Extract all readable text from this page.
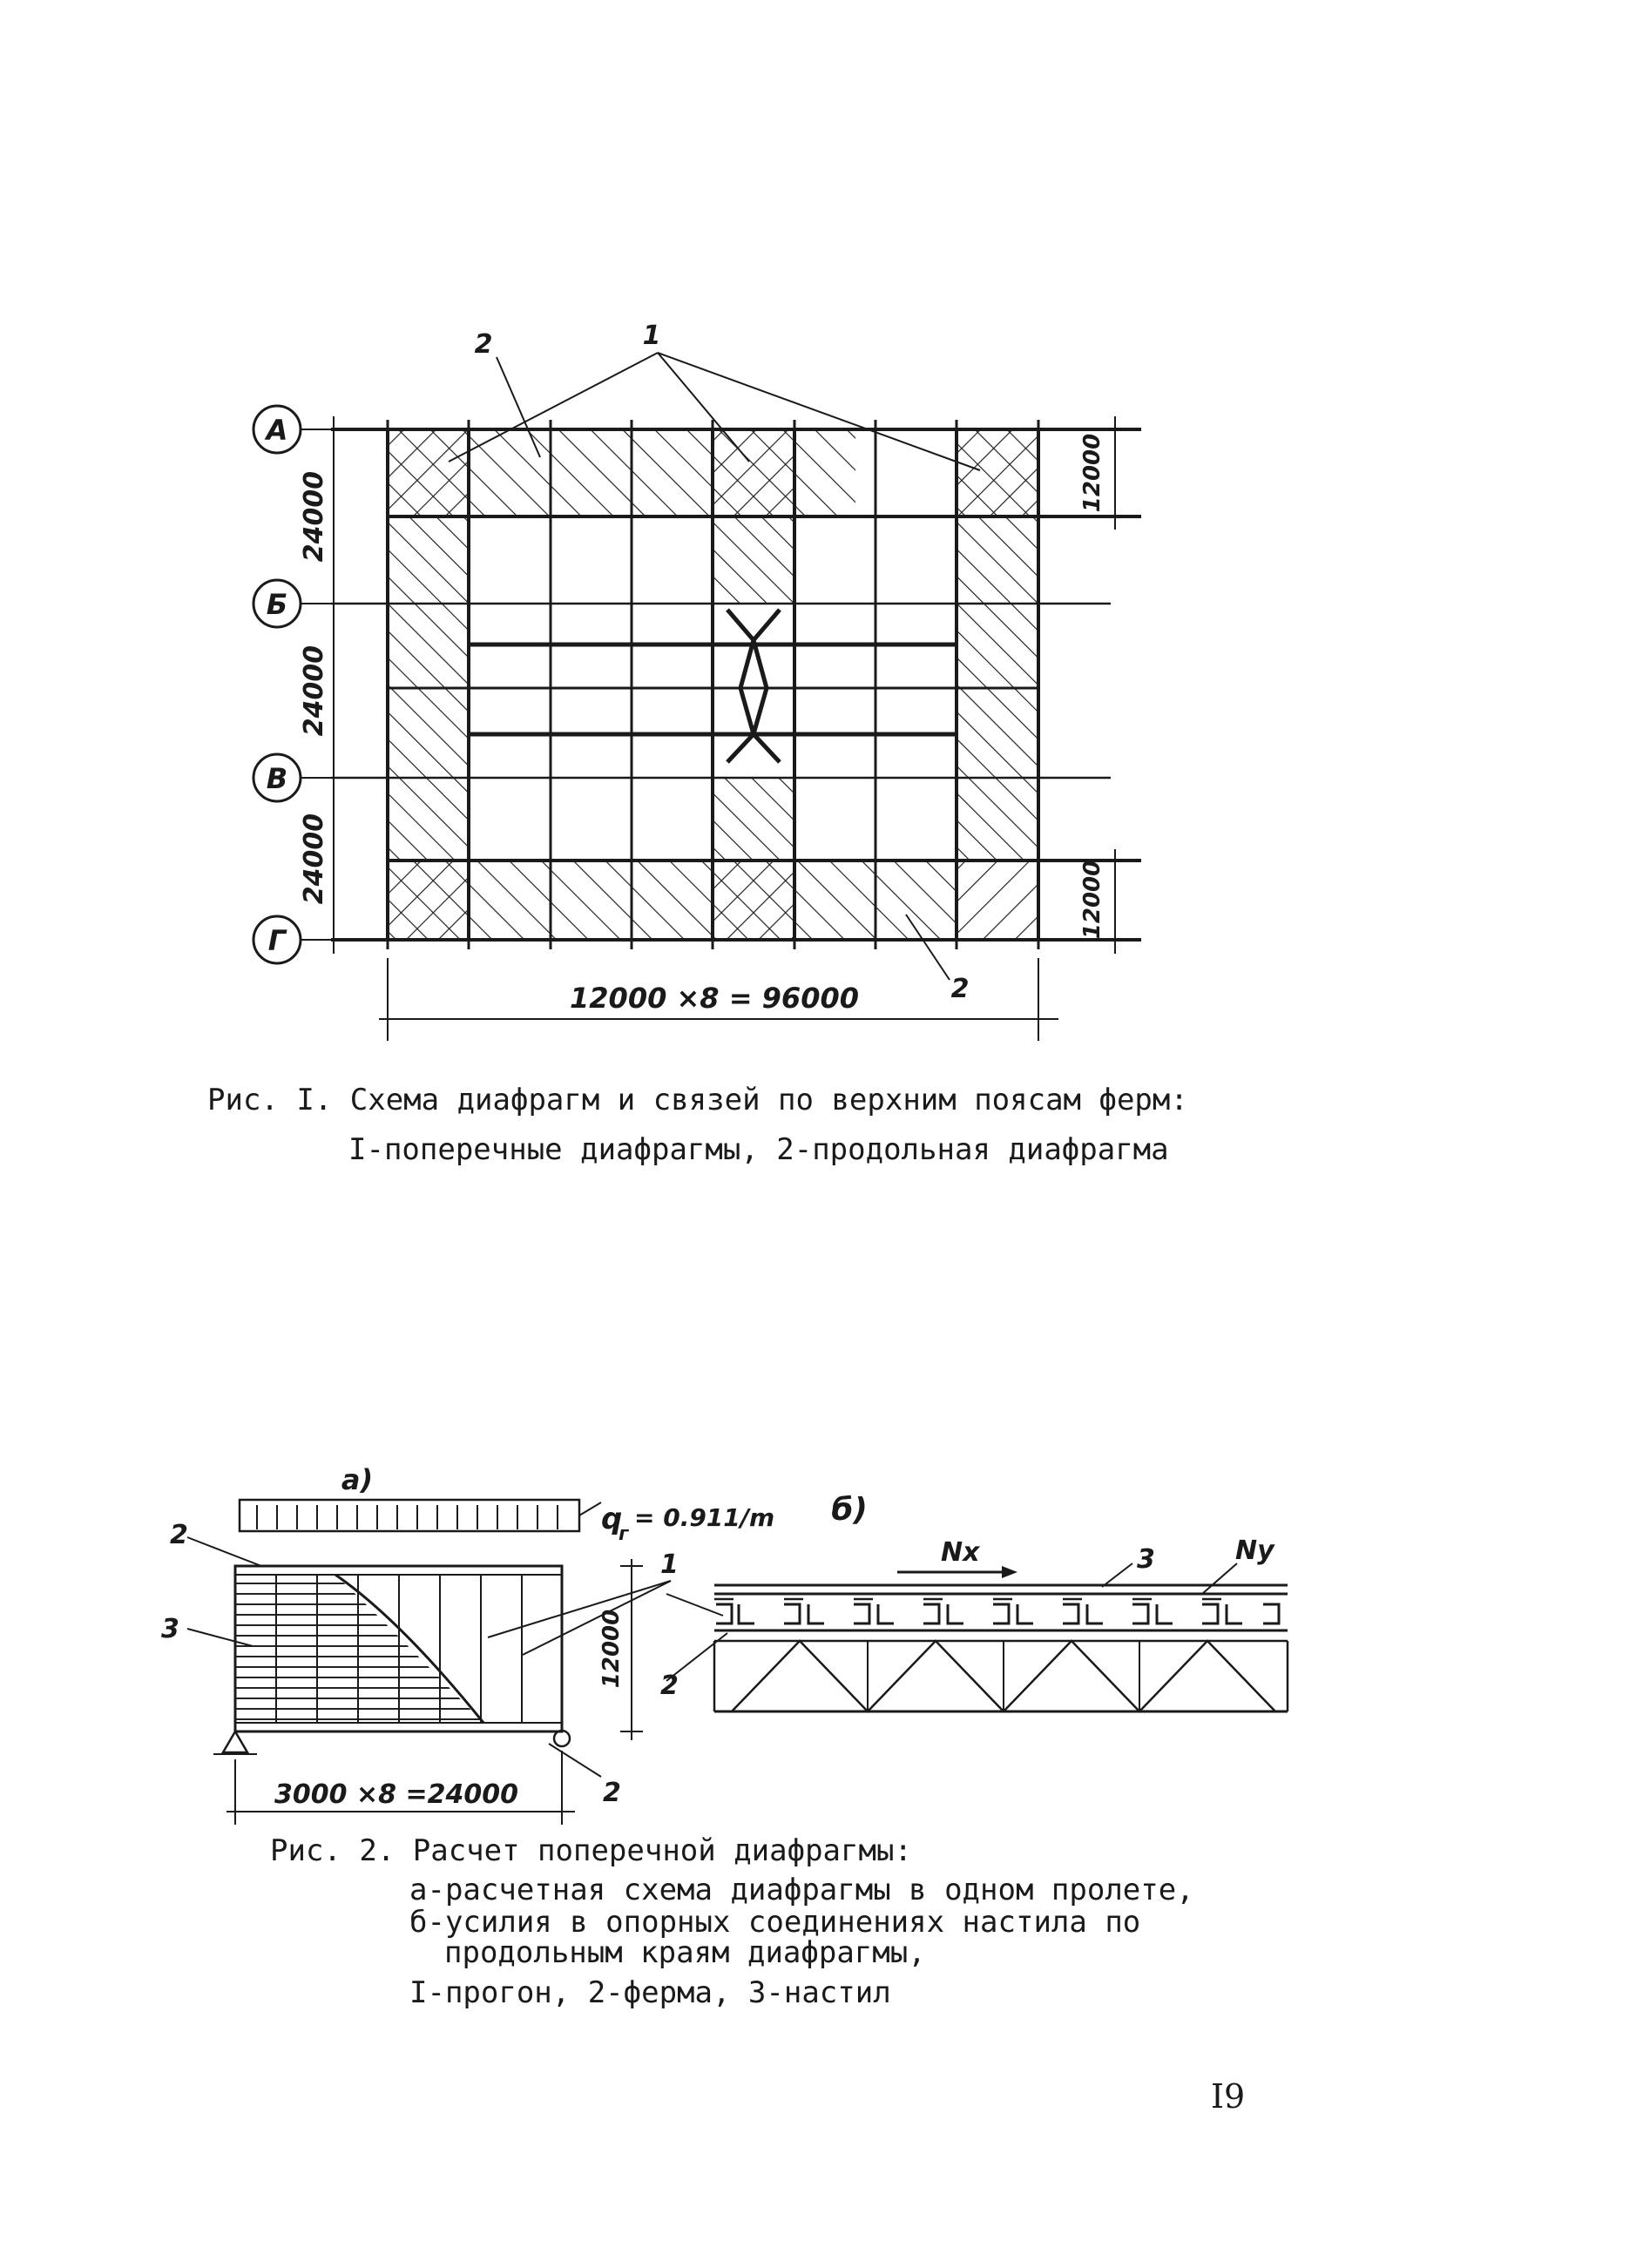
А
Б
В
Г
24000
24000
24000
12000
12000
12000 ×8 = 96000
1
2
2
а)
q
г
= 0.911/m
12000
3000 ×8 =24000
2
3
1
2
б)
Nx	Ny
3
2
Рис. I. Схема диафрагм и связей по верхним поясам ферм:
I-поперечные диафрагмы, 2-продольная диафрагма
Рис. 2. Расчет поперечной диафрагмы:
а-расчетная схема диафрагмы в одном пролете,
б-усилия в опорных соединениях настила по
продольным краям диафрагмы,
I-прогон, 2-ферма, 3-настил
I9
